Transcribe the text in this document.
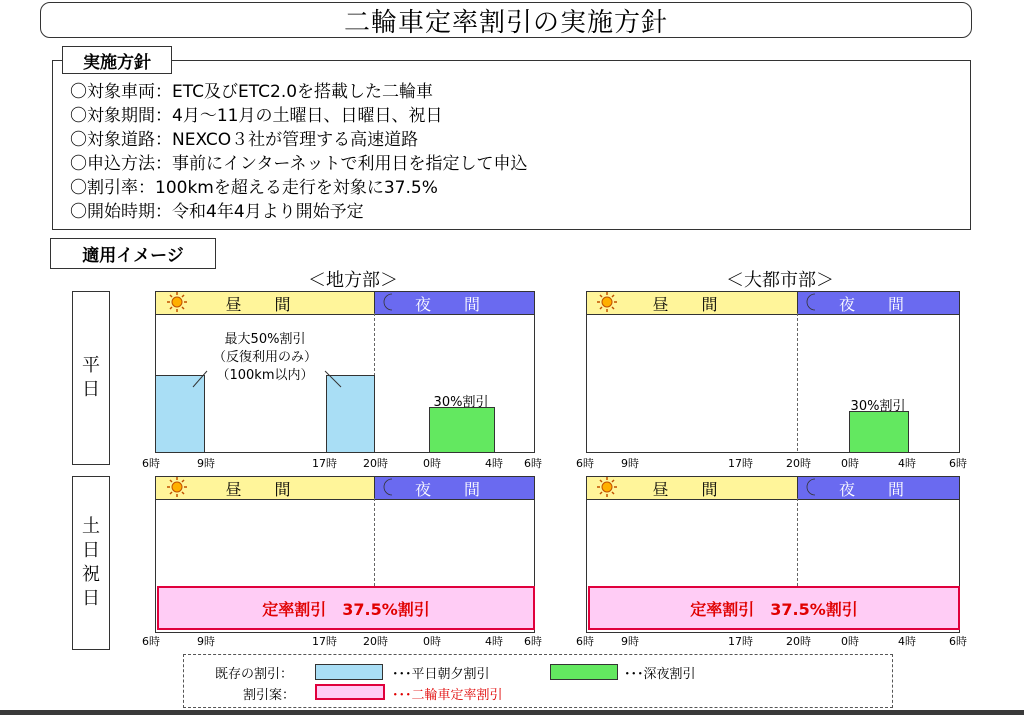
二輪車定率割引の実施方針
実施方針
〇対象車両：ETC及びETC2.0を搭載した二輪車
〇対象期間：4月～11月の土曜日、日曜日、祝日
〇対象道路：NEXCO３社が管理する高速道路
〇申込方法：事前にインターネットで利用日を指定して申込
〇割引率：100kmを超える走行を対象に37.5%
〇開始時期：令和4年4月より開始予定
適用イメージ
＜地方部＞	＜大都市部＞
平
日
土
日
祝
日
昼 間	夜 間
最大50%割引
（反復利用のみ）
（100km以内）
30%割引
昼 間	夜 間
30%割引
昼 間	夜 間
定率割引　37.5%割引
昼 間	夜 間
定率割引　37.5%割引
6時	9時	17時 20時	0時	4時 6時	6時 9時	17時	20時	0時	4時	6時
6時	9時	17時 20時	0時	4時 6時	6時 9時	17時	20時	0時	4時	6時
既存の割引：	･･･平日朝夕割引	･･･深夜割引
割引案：	･･･二輪車定率割引
